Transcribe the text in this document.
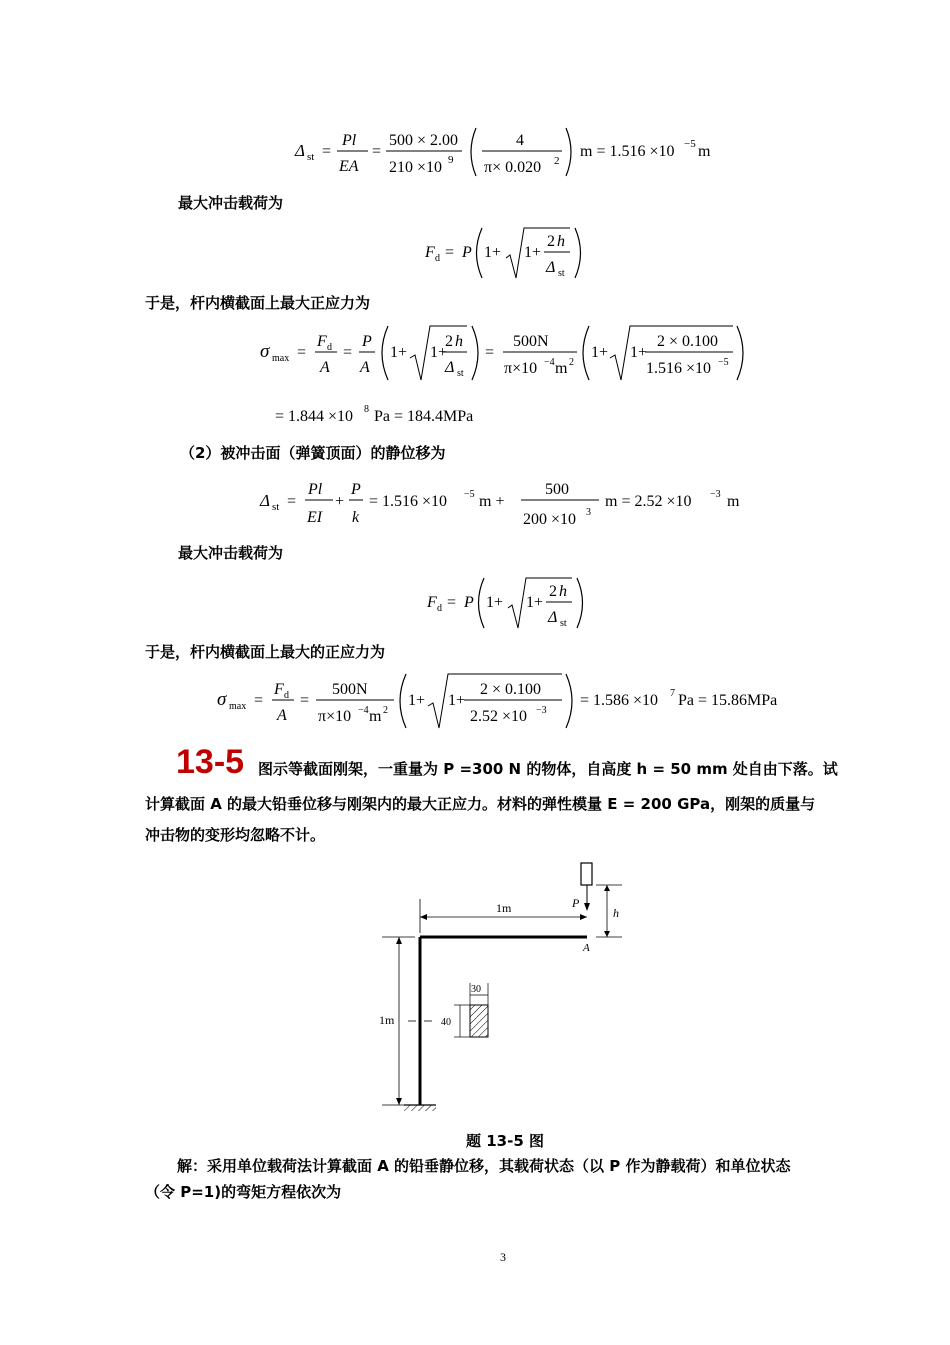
Δ st =
Pl
EA
=
500 × 2.00
210 ×10 9
4
π× 0.020 2
m = 1.516 ×10 −5 m
最大冲击载荷为
F d = P 1+ 1+
2 h
Δ st
于是，杆内横截面上最大正应力为
σ max =
F d
A
=
P
A
1+ 1+
2 h
Δ st
=
500N
π×10 −4 m 2
1+ 1+
2 × 0.100
1.516 ×10 −5
= 1.844 ×10 8 Pa = 184.4MPa
（2）被冲击面（弹簧顶面）的静位移为
Δ st =
Pl
EI
+
P
k
= 1.516 ×10 −5 m +
500
200 ×10 3
m = 2.52 ×10 −3 m
最大冲击载荷为
F d = P 1+ 1+
2 h
Δ st
于是，杆内横截面上最大的正应力为
σ max =
F d
A
=
500N
π×10 −4 m 2
1+ 1+
2 × 0.100
2.52 ×10 −3
= 1.586 ×10 7 Pa = 15.86MPa
13-5 图示等截面刚架，一重量为 P =300 N 的物体，自高度 h = 50 mm 处自由下落。试
计算截面 A 的最大铅垂位移与刚架内的最大正应力。材料的弹性模量 E = 200 GPa，刚架的质量与
冲击物的变形均忽略不计。
P
h
1m
A
1m
30
40
题 13-5 图
解：采用单位载荷法计算截面 A 的铅垂静位移，其载荷状态（以 P 作为静载荷）和单位状态
（令 P=1)的弯矩方程依次为
3
